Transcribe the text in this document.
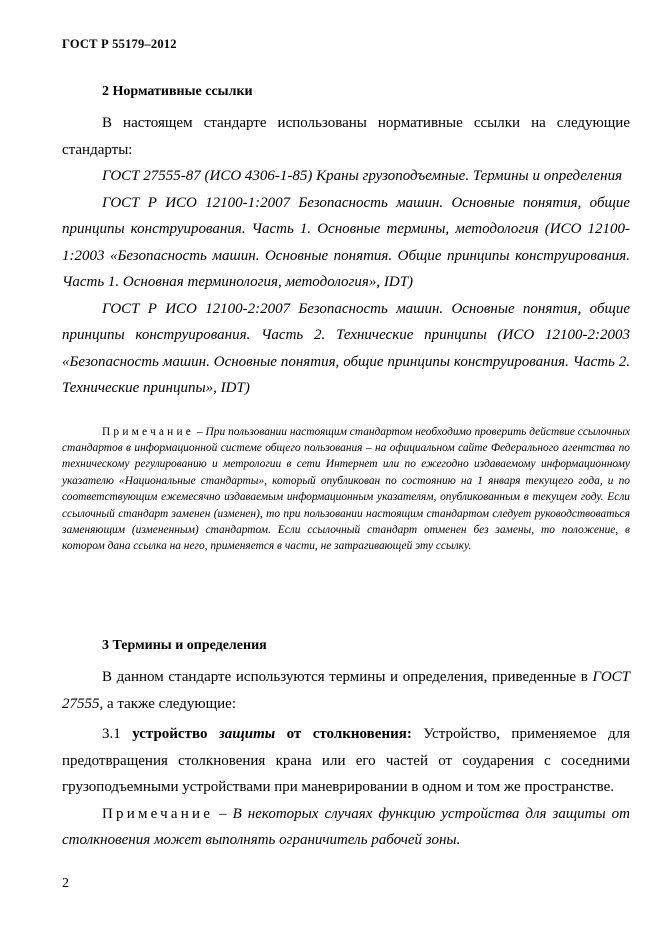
ГОСТ Р 55179–2012
2 Нормативные ссылки

В настоящем стандарте использованы нормативные ссылки на следующие стандарты:

ГОСТ 27555-87 (ИСО 4306-1-85) Краны грузоподъемные. Термины и определения

ГОСТ Р ИСО 12100-1:2007 Безопасность машин. Основные понятия, общие принципы конструирования. Часть 1. Основные термины, методология (ИСО 12100-1:2003 «Безопасность машин. Основные понятия. Общие принципы конструирования. Часть 1. Основная терминология, методология», IDT)

ГОСТ Р ИСО 12100-2:2007 Безопасность машин. Основные понятия, общие принципы конструирования. Часть 2. Технические принципы (ИСО 12100-2:2003 «Безопасность машин. Основные понятия, общие принципы конструирования. Часть 2. Технические принципы», IDT)

Примечание – При пользовании настоящим стандартом необходимо проверить действие ссылочных стандартов в информационной системе общего пользования – на официальном сайте Федерального агентства по техническому регулированию и метрологии в сети Интернет или по ежегодно издаваемому информационному указателю «Национальные стандарты», который опубликован по состоянию на 1 января текущего года, и по соответствующим ежемесячно издаваемым информационным указателям, опубликованным в текущем году. Если ссылочный стандарт заменен (изменен), то при пользовании настоящим стандартом следует руководствоваться заменяющим (измененным) стандартом. Если ссылочный стандарт отменен без замены, то положение, в котором дана ссылка на него, применяется в части, не затрагивающей эту ссылку.

3 Термины и определения

В данном стандарте используются термины и определения, приведенные в ГОСТ 27555, а также следующие:

3.1 устройство защиты от столкновения: Устройство, применяемое для предотвращения столкновения крана или его частей от соударения с соседними грузоподъемными устройствами при маневрировании в одном и том же пространстве.

Примечание – В некоторых случаях функцию устройства для защиты от столкновения может выполнять ограничитель рабочей зоны.

2
